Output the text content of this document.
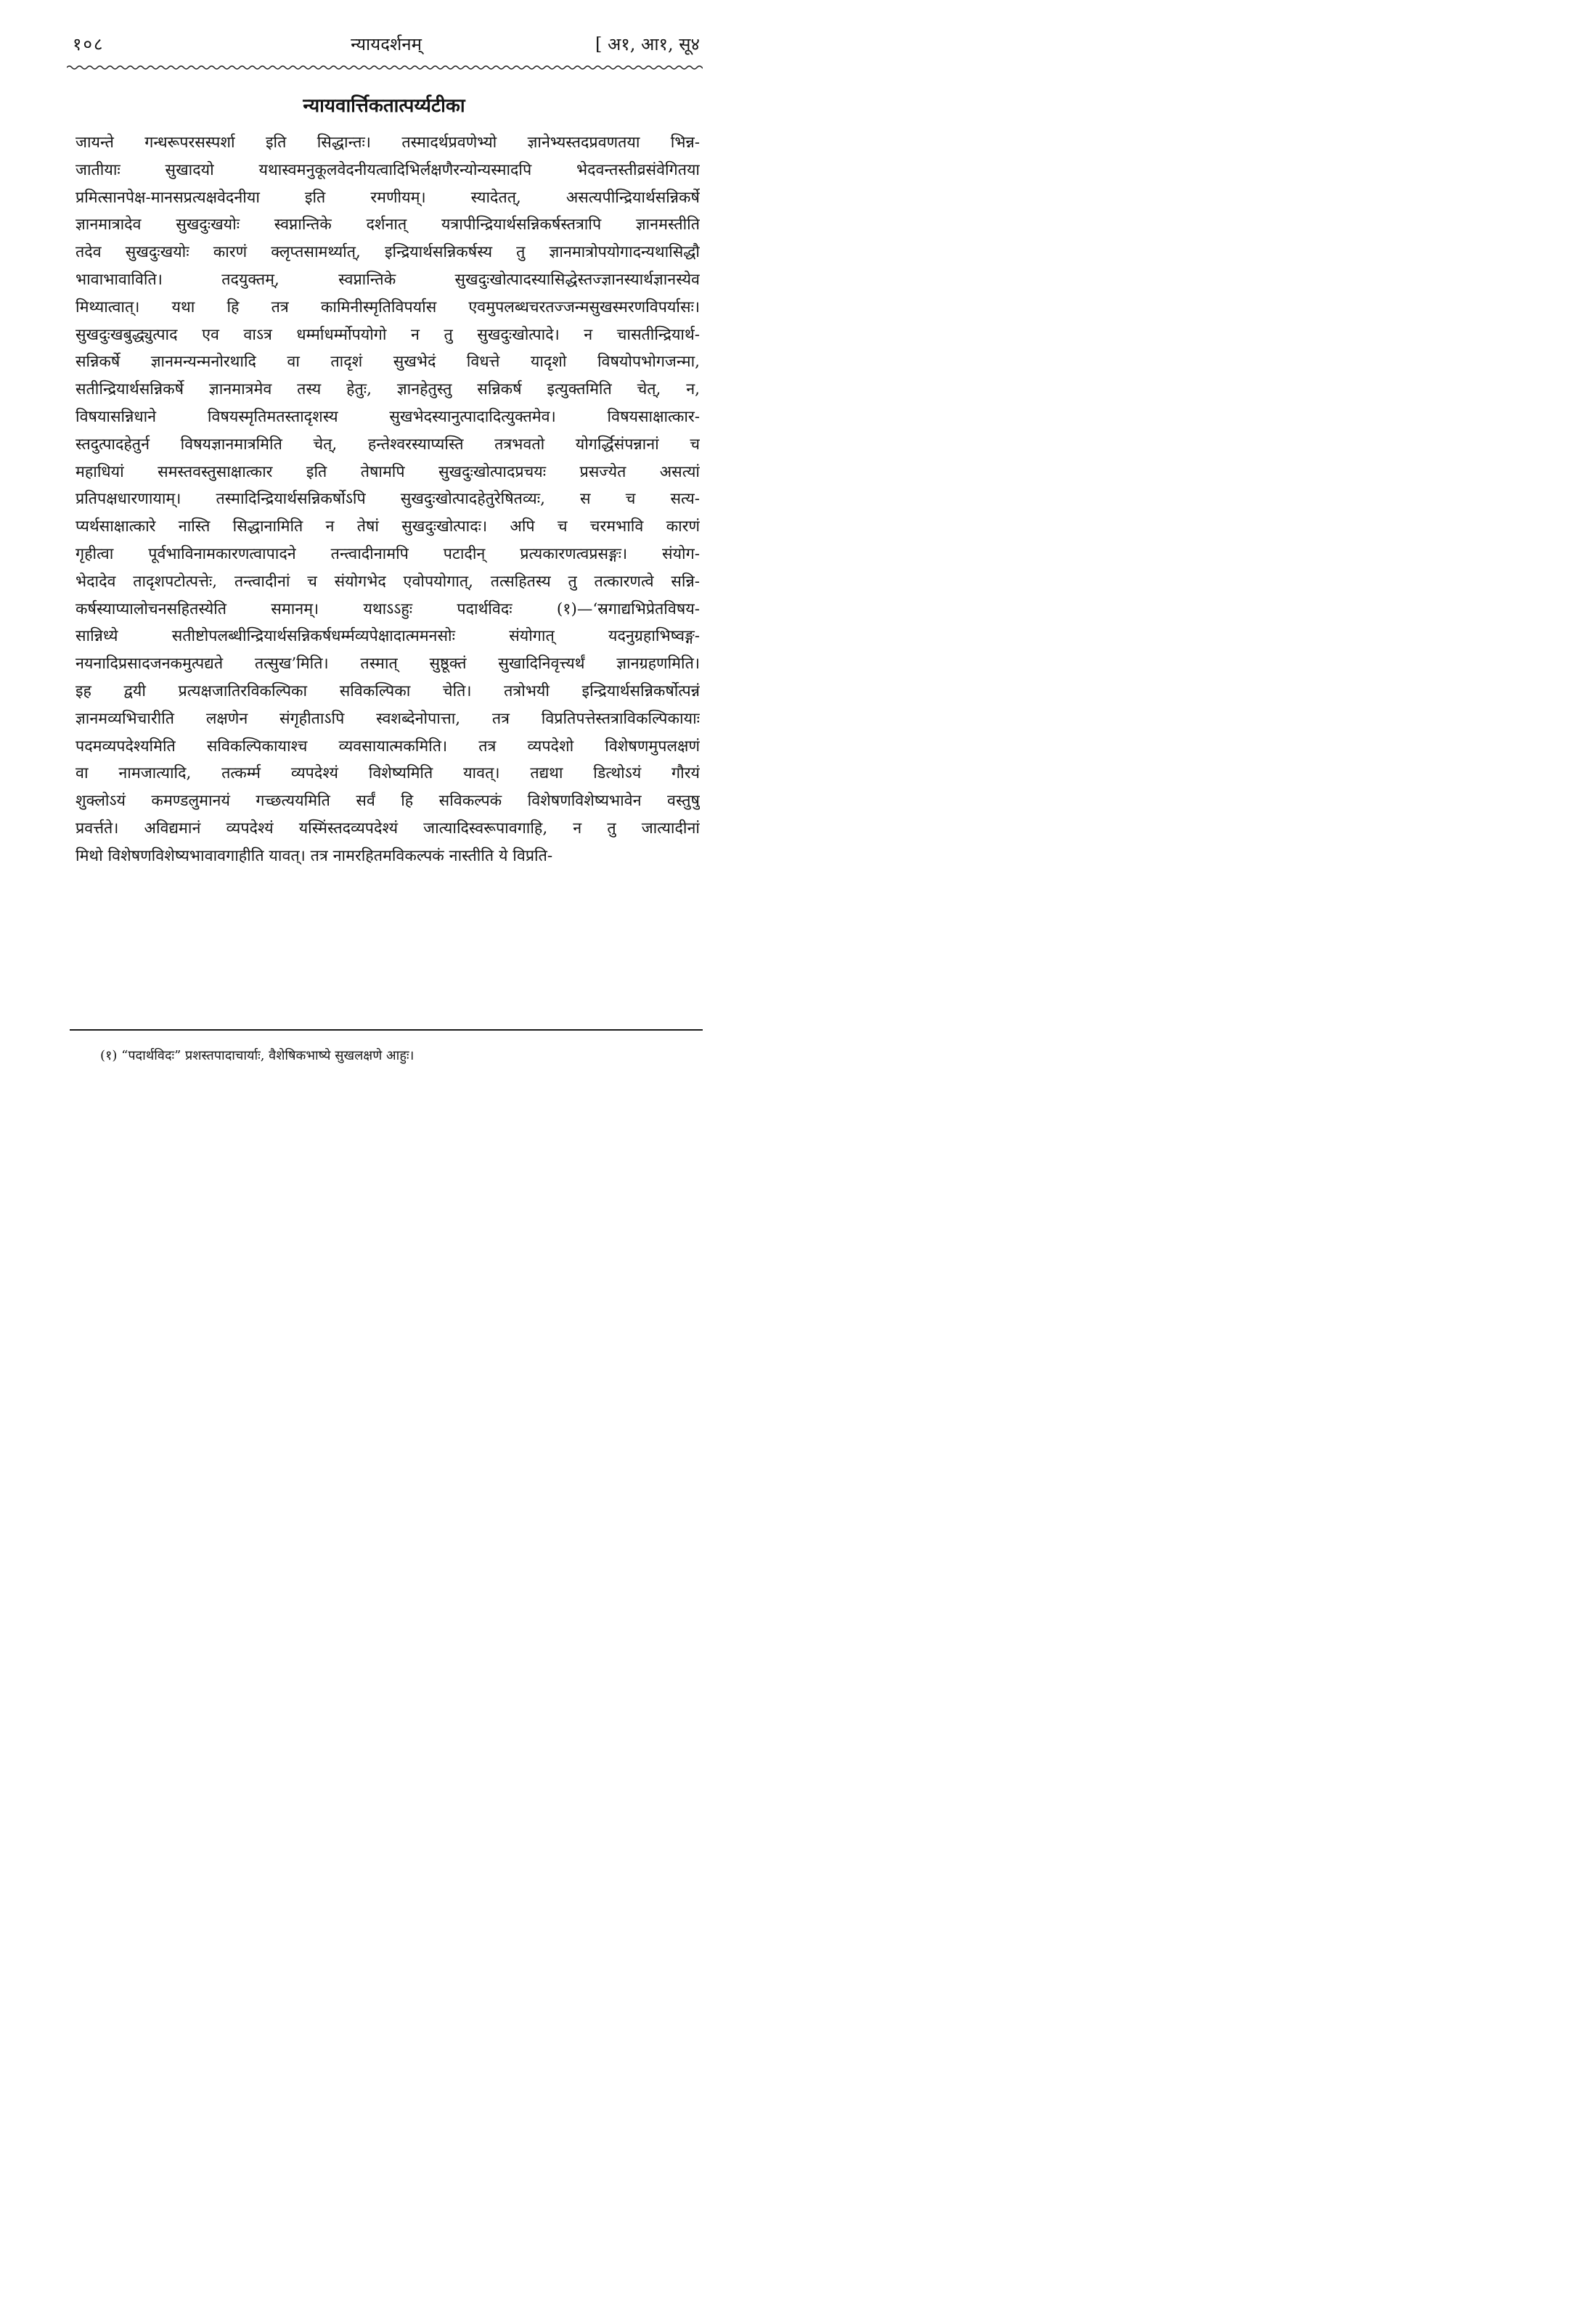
१०८	न्यायदर्शनम्	[ अ१, आ१, सू४
न्यायवार्त्तिकतात्पर्य्यटीका
जायन्ते गन्धरूपरसस्पर्शा इति सिद्धान्तः। तस्मादर्थप्रवणेभ्यो ज्ञानेभ्यस्तदप्रवणतया भिन्न-
जातीयाः सुखादयो यथास्वमनुकूलवेदनीयत्वादिभिर्लक्षणैरन्योन्यस्मादपि भेदवन्तस्तीव्रसंवेगितया
प्रमित्सानपेक्ष-मानसप्रत्यक्षवेदनीया इति रमणीयम्। स्यादेतत्, असत्यपीन्द्रियार्थसन्निकर्षे
ज्ञानमात्रादेव सुखदुःखयोः स्वप्नान्तिके दर्शनात् यत्रापीन्द्रियार्थसन्निकर्षस्तत्रापि ज्ञानमस्तीति
तदेव सुखदुःखयोः कारणं क्लृप्तसामर्थ्यात्, इन्द्रियार्थसन्निकर्षस्य तु ज्ञानमात्रोपयोगादन्यथासिद्धौ
भावाभावाविति। तदयुक्तम्, स्वप्नान्तिके सुखदुःखोत्पादस्यासिद्धेस्तज्ज्ञानस्यार्थज्ञानस्येव
मिथ्यात्वात्। यथा हि तत्र कामिनीस्मृतिविपर्यास एवमुपलब्धचरतज्जन्मसुखस्मरणविपर्यासः।
सुखदुःखबुद्ध्युत्पाद एव वाऽत्र धर्म्माधर्म्मोपयोगो न तु सुखदुःखोत्पादे। न चासतीन्द्रियार्थ-
सन्निकर्षे ज्ञानमन्यन्मनोरथादि वा तादृशं सुखभेदं विधत्ते यादृशो विषयोपभोगजन्मा,
सतीन्द्रियार्थसन्निकर्षे ज्ञानमात्रमेव तस्य हेतुः, ज्ञानहेतुस्तु सन्निकर्ष इत्युक्तमिति चेत्, न,
विषयासन्निधाने विषयस्मृतिमतस्तादृशस्य सुखभेदस्यानुत्पादादित्युक्तमेव। विषयसाक्षात्कार-
स्तदुत्पादहेतुर्न विषयज्ञानमात्रमिति चेत्, हन्तेश्वरस्याप्यस्ति तत्रभवतो योगर्द्धिसंपन्नानां च
महाधियां समस्तवस्तुसाक्षात्कार इति तेषामपि सुखदुःखोत्पादप्रचयः प्रसज्येत असत्यां
प्रतिपक्षधारणायाम्। तस्मादिन्द्रियार्थसन्निकर्षोऽपि सुखदुःखोत्पादहेतुरेषितव्यः, स च सत्य-
प्यर्थसाक्षात्कारे नास्ति सिद्धानामिति न तेषां सुखदुःखोत्पादः। अपि च चरमभावि कारणं
गृहीत्वा पूर्वभाविनामकारणत्वापादने तन्त्वादीनामपि पटादीन् प्रत्यकारणत्वप्रसङ्गः। संयोग-
भेदादेव तादृशपटोत्पत्तेः, तन्त्वादीनां च संयोगभेद एवोपयोगात्, तत्सहितस्य तु तत्कारणत्वे सन्नि-
कर्षस्याप्यालोचनसहितस्येति समानम्। यथाऽऽहुः पदार्थविदः (१)—‘स्रगाद्यभिप्रेतविषय-
सान्निध्ये सतीष्टोपलब्धीन्द्रियार्थसन्निकर्षधर्म्मव्यपेक्षादात्ममनसोः संयोगात् यदनुग्रहाभिष्वङ्ग-
नयनादिप्रसादजनकमुत्पद्यते तत्सुख’मिति। तस्मात् सुष्ठूक्तं सुखादिनिवृत्त्यर्थं ज्ञानग्रहणमिति।
इह द्वयी प्रत्यक्षजातिरविकल्पिका सविकल्पिका चेति। तत्रोभयी इन्द्रियार्थसन्निकर्षोत्पन्नं
ज्ञानमव्यभिचारीति लक्षणेन संगृहीताऽपि स्वशब्देनोपात्ता, तत्र विप्रतिपत्तेस्तत्राविकल्पिकायाः
पदमव्यपदेश्यमिति सविकल्पिकायाश्च व्यवसायात्मकमिति। तत्र व्यपदेशो विशेषणमुपलक्षणं
वा नामजात्यादि, तत्कर्म्म व्यपदेश्यं विशेष्यमिति यावत्। तद्यथा डित्थोऽयं गौरयं
शुक्लोऽयं कमण्डलुमानयं गच्छत्ययमिति सर्वं हि सविकल्पकं विशेषणविशेष्यभावेन वस्तुषु
प्रवर्त्तते। अविद्यमानं व्यपदेश्यं यस्मिंस्तदव्यपदेश्यं जात्यादिस्वरूपावगाहि, न तु जात्यादीनां
मिथो विशेषणविशेष्यभावावगाहीति यावत्। तत्र नामरहितमविकल्पकं नास्तीति ये विप्रति-
(१) “पदार्थविदः” प्रशस्तपादाचार्याः, वैशेषिकभाष्ये सुखलक्षणे आहुः।
